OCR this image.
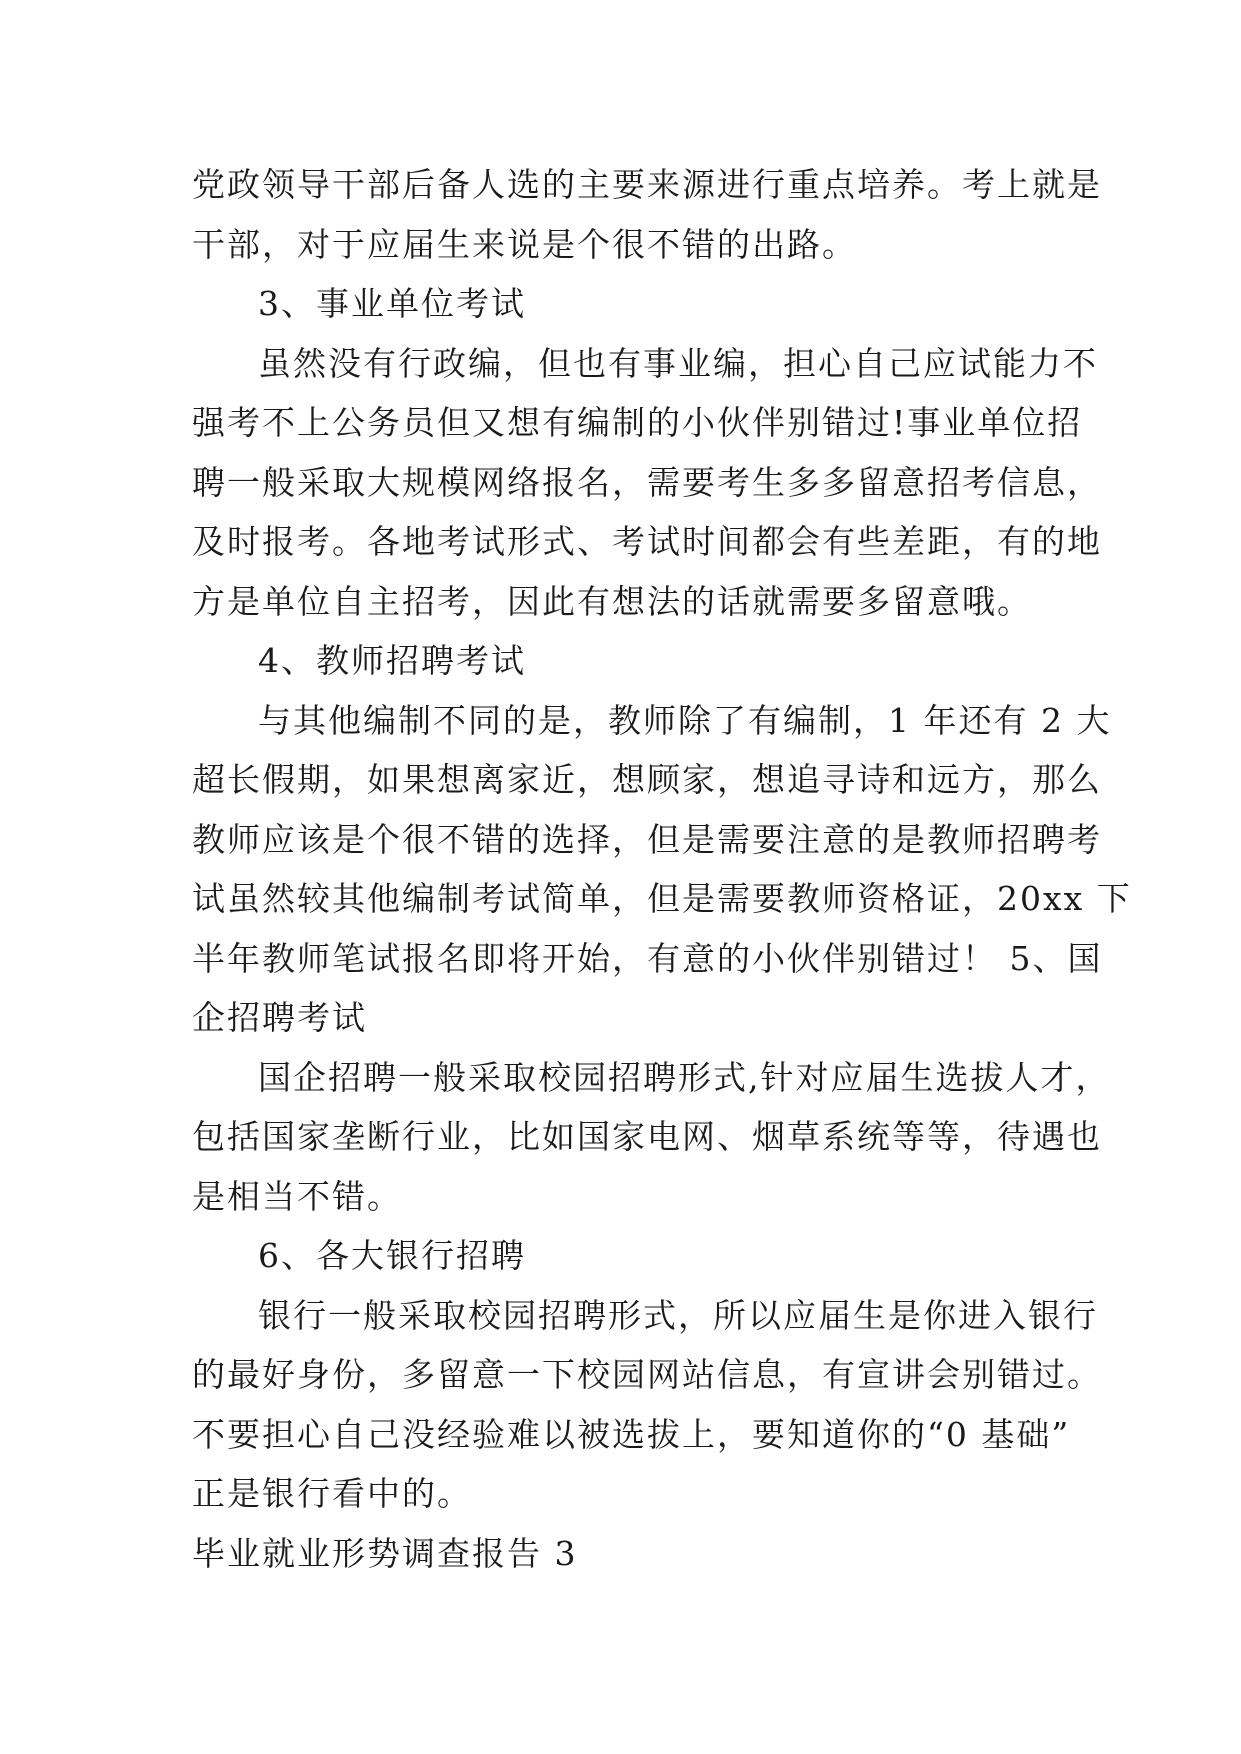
党政领导干部后备人选的主要来源进行重点培养。考上就是
干部，对于应届生来说是个很不错的出路。
3、事业单位考试
虽然没有行政编，但也有事业编，担心自己应试能力不
强考不上公务员但又想有编制的小伙伴别错过!事业单位招
聘一般采取大规模网络报名，需要考生多多留意招考信息，
及时报考。各地考试形式、考试时间都会有些差距，有的地
方是单位自主招考，因此有想法的话就需要多留意哦。
4、教师招聘考试
与其他编制不同的是，教师除了有编制，1 年还有 2 大
超长假期，如果想离家近，想顾家，想追寻诗和远方，那么
教师应该是个很不错的选择，但是需要注意的是教师招聘考
试虽然较其他编制考试简单，但是需要教师资格证，20xx 下
半年教师笔试报名即将开始，有意的小伙伴别错过！ 5、国
企招聘考试
国企招聘一般采取校园招聘形式,针对应届生选拔人才，
包括国家垄断行业，比如国家电网、烟草系统等等，待遇也
是相当不错。
6、各大银行招聘
银行一般采取校园招聘形式，所以应届生是你进入银行
的最好身份，多留意一下校园网站信息，有宣讲会别错过。
不要担心自己没经验难以被选拔上，要知道你的“0 基础”
正是银行看中的。
毕业就业形势调查报告 3
